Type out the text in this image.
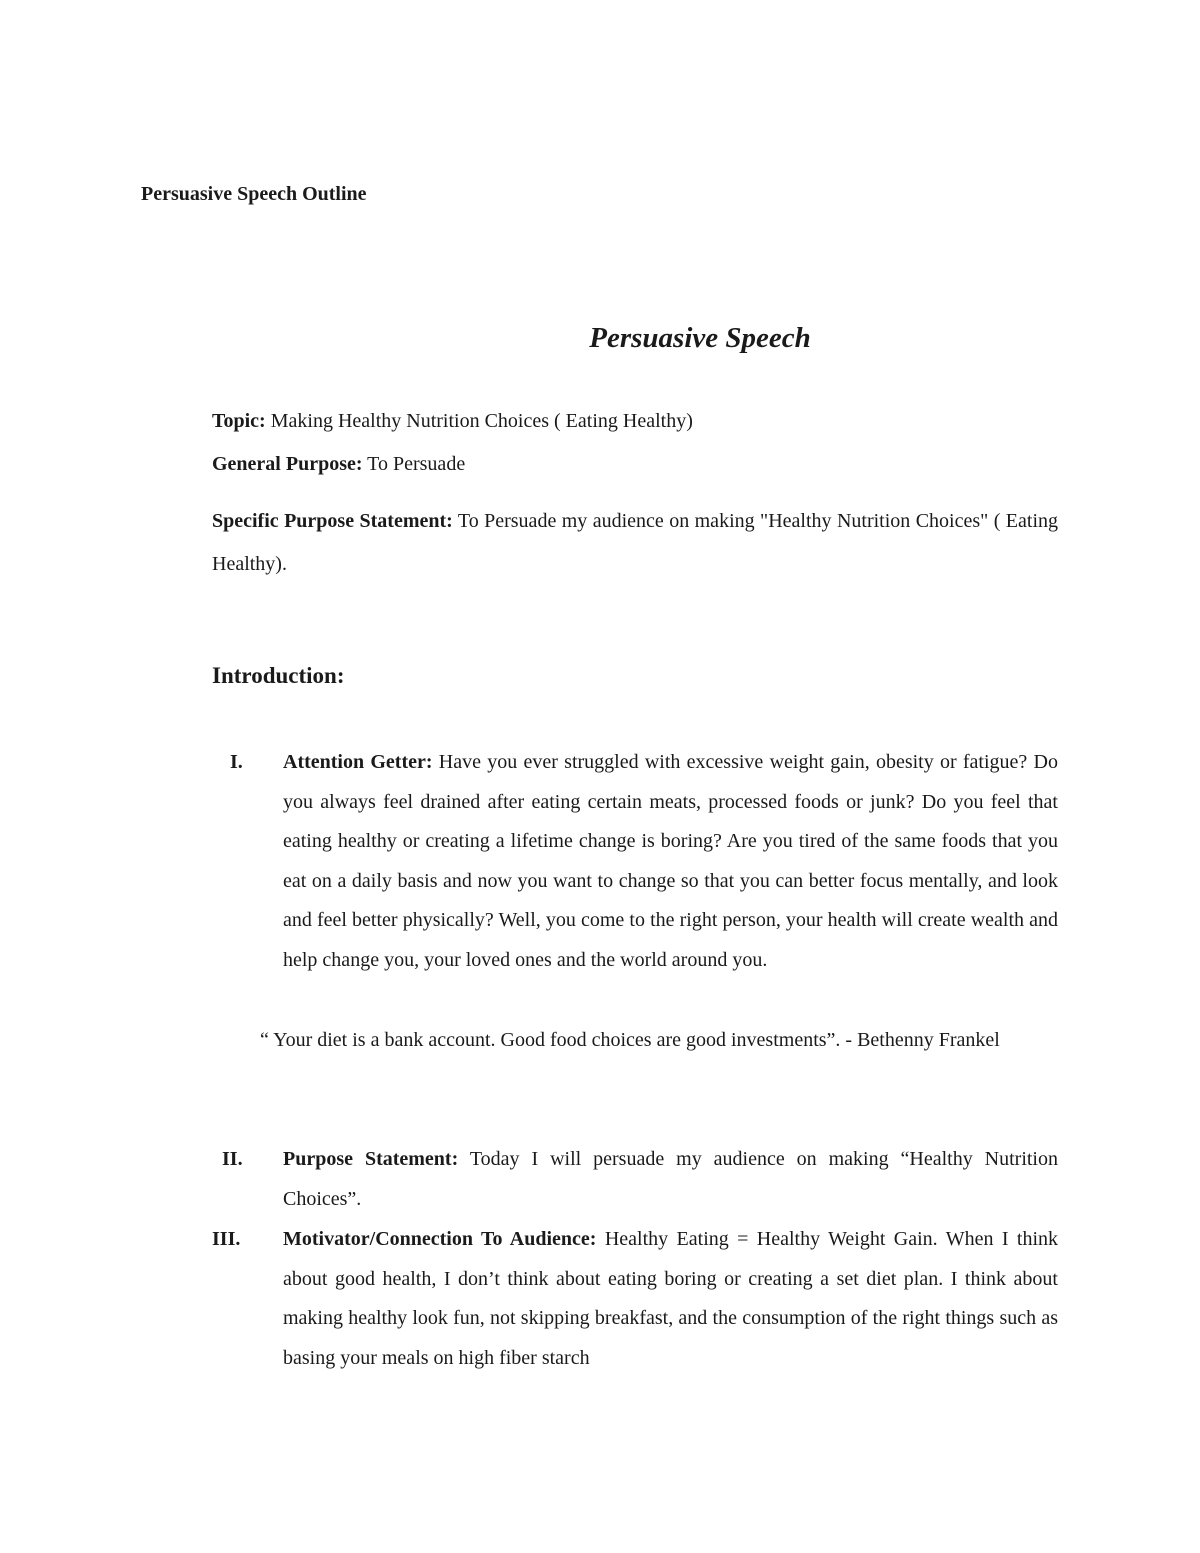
Persuasive Speech Outline
Persuasive Speech
Topic: Making Healthy Nutrition Choices ( Eating Healthy)
General Purpose: To Persuade
Specific Purpose Statement: To Persuade my audience on making "Healthy Nutrition Choices" ( Eating Healthy).
Introduction:
I. Attention Getter: Have you ever struggled with excessive weight gain, obesity or fatigue? Do you always feel drained after eating certain meats, processed foods or junk? Do you feel that eating healthy or creating a lifetime change is boring? Are you tired of the same foods that you eat on a daily basis and now you want to change so that you can better focus mentally, and look and feel better physically? Well, you come to the right person, your health will create wealth and help change you, your loved ones and the world around you.
“ Your diet is a bank account. Good food choices are good investments”. - Bethenny Frankel
II. Purpose Statement: Today I will persuade my audience on making “Healthy Nutrition Choices”.
III. Motivator/Connection To Audience: Healthy Eating = Healthy Weight Gain. When I think about good health, I don’t think about eating boring or creating a set diet plan. I think about making healthy look fun, not skipping breakfast, and the consumption of the right things such as basing your meals on high fiber starch
